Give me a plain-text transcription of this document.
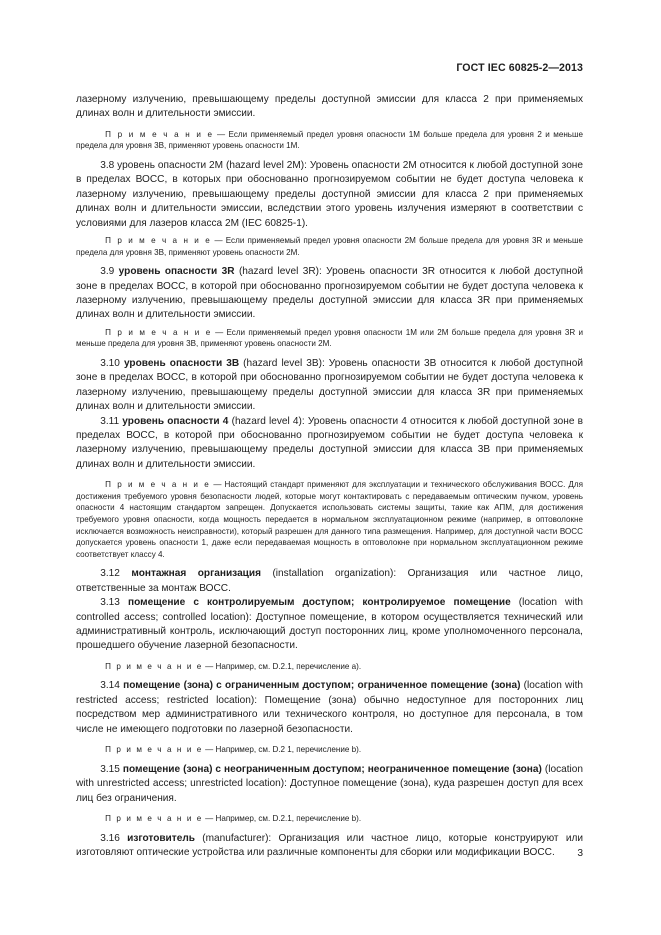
ГОСТ IEC 60825-2—2013

лазерному излучению, превышающему пределы доступной эмиссии для класса 2 при применяемых длинах волн и длительности эмиссии.

П р и м е ч а н и е — Если применяемый предел уровня опасности 1М больше предела для уровня 2 и меньше предела для уровня 3В, применяют уровень опасности 1М.

3.8 уровень опасности 2М (hazard level 2M): Уровень опасности 2М относится к любой доступной зоне в пределах ВОСС, в которых при обоснованно прогнозируемом событии не будет доступа человека к лазерному излучению, превышающему пределы доступной эмиссии для класса 2 при применяемых длинах волн и длительности эмиссии, вследствии этого уровень излучения измеряют в соответствии с условиями для лазеров класса 2М (IEC 60825-1).

П р и м е ч а н и е — Если применяемый предел уровня опасности 2М больше предела для уровня 3R и меньше предела для уровня 3В, применяют уровень опасности 2М.

3.9 уровень опасности 3R (hazard level 3R): Уровень опасности 3R относится к любой доступной зоне в пределах ВОСС, в которой при обоснованно прогнозируемом событии не будет доступа человека к лазерному излучению, превышающему пределы доступной эмиссии для класса 3R при применяемых длинах волн и длительности эмиссии.

П р и м е ч а н и е — Если применяемый предел уровня опасности 1М или 2М больше предела для уровня 3R и меньше предела для уровня 3В, применяют уровень опасности 2М.

3.10 уровень опасности 3В (hazard level 3B): Уровень опасности 3В относится к любой доступной зоне в пределах ВОСС, в которой при обоснованно прогнозируемом событии не будет доступа человека к лазерному излучению, превышающему пределы доступной эмиссии для класса 3R при применяемых длинах волн и длительности эмиссии.

3.11 уровень опасности 4 (hazard level 4): Уровень опасности 4 относится к любой доступной зоне в пределах ВОСС, в которой при обоснованно прогнозируемом событии не будет доступа человека к лазерному излучению, превышающему пределы доступной эмиссии для класса 3В при применяемых длинах волн и длительности эмиссии.

П р и м е ч а н и е — Настоящий стандарт применяют для эксплуатации и технического обслуживания ВОСС. Для достижения требуемого уровня безопасности людей, которые могут контактировать с передаваемым оптическим пучком, уровень опасности 4 настоящим стандартом запрещен. Допускается использовать системы защиты, такие как АПМ, для достижения требуемого уровня опасности, когда мощность передается в нормальном эксплуатационном режиме (например, в оптоволокне исключается возможность неисправности), который разрешен для данного типа размещения. Например, для доступной части ВОСС допускается уровень опасности 1, даже если передаваемая мощность в оптоволокне при нормальном эксплуатационном режиме соответствует классу 4.

3.12 монтажная организация (installation organization): Организация или частное лицо, ответственные за монтаж ВОСС.

3.13 помещение с контролируемым доступом; контролируемое помещение (location with controlled access; controlled location): Доступное помещение, в котором осуществляется технический или административный контроль, исключающий доступ посторонних лиц, кроме уполномоченного персонала, прошедшего обучение лазерной безопасности.

П р и м е ч а н и е — Например, см. D.2.1, перечисление а).

3.14 помещение (зона) с ограниченным доступом; ограниченное помещение (зона) (location with restricted access; restricted location): Помещение (зона) обычно недоступное для посторонних лиц посредством мер административного или технического контроля, но доступное для персонала, в том числе не имеющего подготовки по лазерной безопасности.

П р и м е ч а н и е — Например, см. D.2 1, перечисление b).

3.15 помещение (зона) с неограниченным доступом; неограниченное помещение (зона) (location with unrestricted access; unrestricted location): Доступное помещение (зона), куда разрешен доступ для всех лиц без ограничения.

П р и м е ч а н и е — Например, см. D.2.1, перечисление b).

3.16 изготовитель (manufacturer): Организация или частное лицо, которые конструируют или изготовляют оптические устройства или различные компоненты для сборки или модификации ВОСС.	3
